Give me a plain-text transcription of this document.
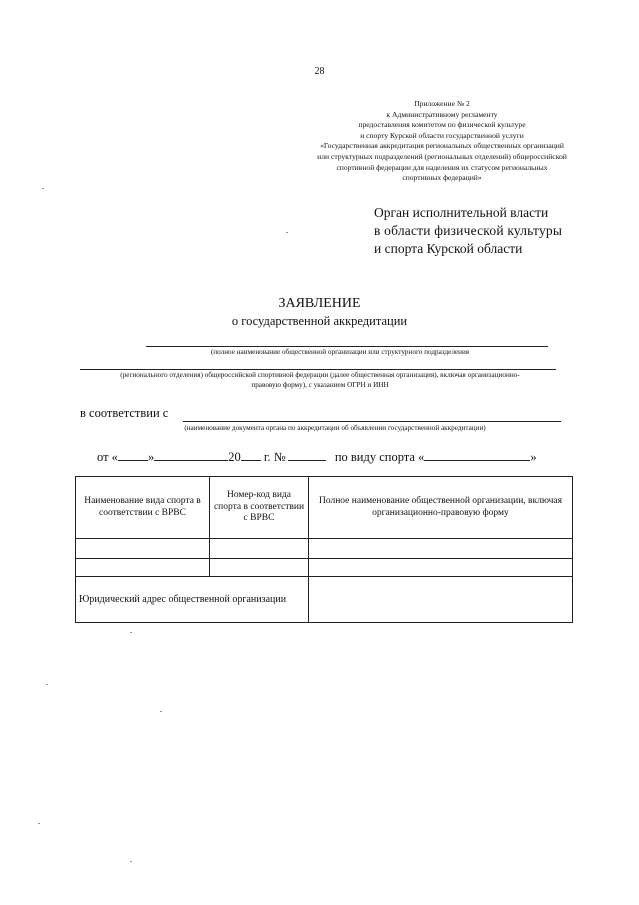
28
Приложение № 2
к Административному регламенту
предоставления комитетом по физической культуре
и спорту Курской области государственной услуги
«Государственная аккредитация региональных общественных организаций
или структурных подразделений (региональных отделений) общероссийской
спортивной федерации для наделения их статусом региональных
спортивных федераций»
Орган исполнительной власти
в области физической культуры
и спорта Курской области
ЗАЯВЛЕНИЕ
о государственной аккредитации
(полное наименование общественной организации или структурного подразделения
(регионального отделения) общероссийской спортивной федерации (далее общественная организация), включая организационно-
правовую форму), с указанием ОГРН и ИНН
в соответствии с
(наименование документа органа по аккредитации об объявлении государственной аккредитации)
от « »	20 г. №	по виду спорта «	»
Наименование вида спорта в соответствии с ВРВС	Номер-код вида спорта в соответствии с ВРВС	Полное наименование общественной организации, включая организационно-правовую форму

Юридический адрес общественной организации		
